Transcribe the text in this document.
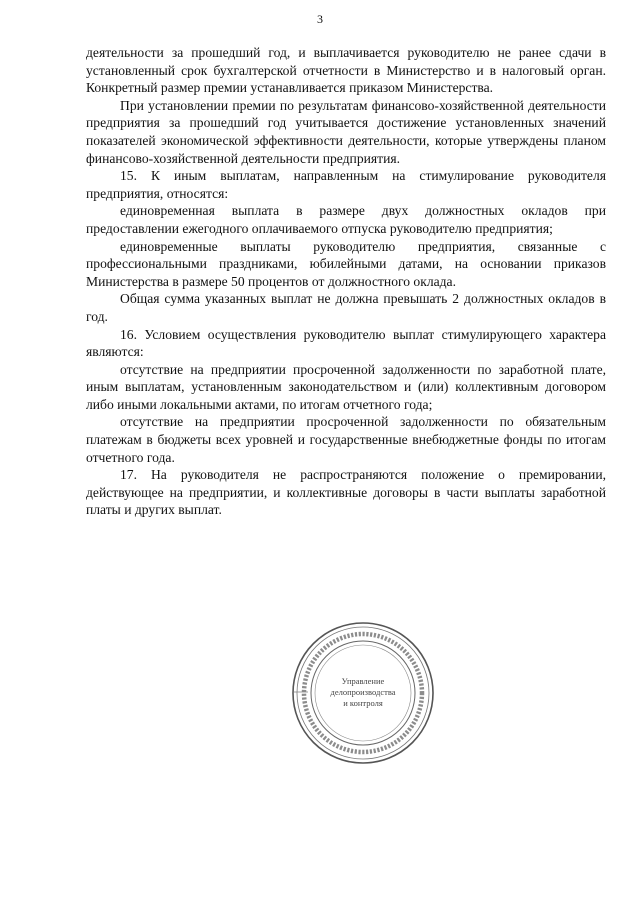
3

деятельности за прошедший год, и выплачивается руководителю не ранее сдачи в установленный срок бухгалтерской отчетности в Министерство и в налоговый орган. Конкретный размер премии устанавливается приказом Министерства.

При установлении премии по результатам финансово-хозяйственной деятельности предприятия за прошедший год учитывается достижение установленных значений показателей экономической эффективности деятельности, которые утверждены планом финансово-хозяйственной деятельности предприятия.

15. К иным выплатам, направленным на стимулирование руководителя предприятия, относятся:

единовременная выплата в размере двух должностных окладов при предоставлении ежегодного оплачиваемого отпуска руководителю предприятия;

единовременные выплаты руководителю предприятия, связанные с профессиональными праздниками, юбилейными датами, на основании приказов Министерства в размере 50 процентов от должностного оклада.

Общая сумма указанных выплат не должна превышать 2 должностных окладов в год.

16. Условием осуществления руководителю выплат стимулирующего характера являются:

отсутствие на предприятии просроченной задолженности по заработной плате, иным выплатам, установленным законодательством и (или) коллективным договором либо иными локальными актами, по итогам отчетного года;

отсутствие на предприятии просроченной задолженности по обязательным платежам в бюджеты всех уровней и государственные внебюджетные фонды по итогам отчетного года.

17. На руководителя не распространяются положение о премировании, действующее на предприятии, и коллективные договоры в части выплаты заработной платы и других выплат.

Управление
делопроизводства
и контроля
